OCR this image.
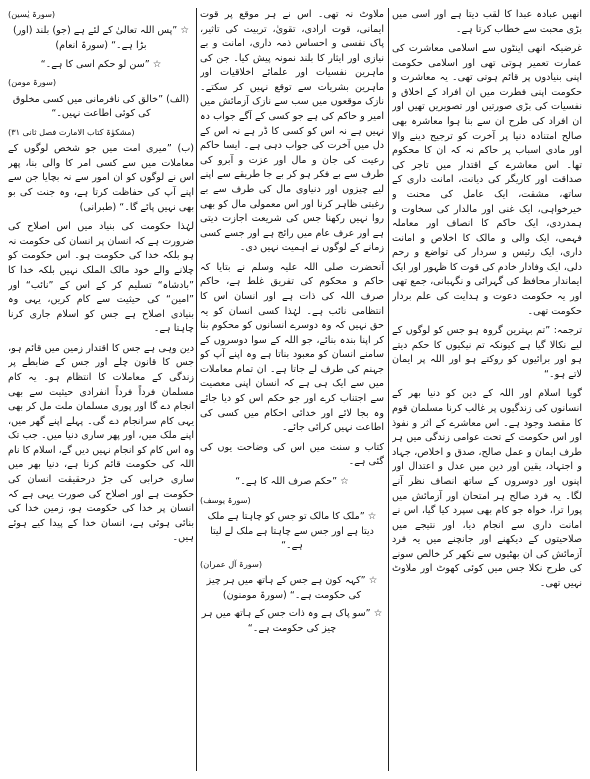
انھیں عبادہ عبدا کا لقب دیتا ہے اور اسی میں بڑی محبت سے خطاب کرتا ہے۔

غرضیکہ انھی اینٹوں سے اسلامی معاشرت کی عمارت تعمیر ہوتی تھی اور اسلامی حکومت اپنی بنیادوں پر قائم ہوتی تھی۔ یہ معاشرت و حکومت اپنی فطرت میں ان افراد کے اخلاق و نفسیات کی بڑی صورتیں اور تصویریں تھیں اور ان افراد کی طرح ان سے بنا ہوا معاشرہ بھی صالح امتنادہ دنیا پر آخرت کو ترجیح دینے والا اور مادی اسباب پر حاکم نہ کہ ان کا محکوم تھا۔ اس معاشرے کے اقتدار میں تاجر کی صداقت اور کاریگر کی دیانت، امانت داری کے ساتھ، مشقت، ایک عامل کی محنت و خیرخواہی، ایک غنی اور مالدار کی سخاوت و ہمدردی، ایک حاکم کا انصاف اور معاملہ فہمی، ایک والی و مالک کا اخلاص و امانت داری، ایک رئیس و سردار کی تواضع و رحم دلی، ایک وفادار خادم کی قوت کا ظہور اور ایک ایماندار محافظ کی گہرائی و نگہبانی، جمع تھی اور یہ حکومت دعوت و ہدایت کی علم بردار حکومت تھی۔

ترجمہ: ”تم بہترین گروہ ہو جس کو لوگوں کے لیے نکالا گیا ہے کیونکہ تم نیکیوں کا حکم دیتے ہو اور برائیوں کو روکتے ہو اور اللہ پر ایمان لاتے ہو۔“

گویا اسلام اور اللہ کے دین کو دنیا بھر کے انسانوں کی زندگیوں پر غالب کرنا مسلمان قوم کا مقصد وجود ہے۔ اس معاشرے کے اثر و نفوذ اور اس حکومت کے تحت عوامی زندگی میں ہر طرف ایمان و عمل صالح، صدق و اخلاص، جہاد و اجتہاد، یقین اور دین میں عدل و اعتدال اور اپنوں اور دوسروں کے ساتھ انصاف نظر آنے لگا۔ یہ فرد صالح ہر امتحان اور آزمائش میں پورا ترا، خواہ جو کام بھی سپرد کیا گیا، اس نے امانت داری سے انجام دیا، اور نتیجے میں صلاحیتوں کے دیکھنے اور جانچنے میں یہ فرد آزمائش کی ان بھٹیوں سے نکھر کر خالص سونے کی طرح نکلا جس میں کوئی کھوٹ اور ملاوٹ نہیں تھی۔

ملاوٹ نہ تھی۔ اس نے ہر موقع پر قوت ایمانی، قوت ارادی، تقویٰ، تربیت کی تاثیر، پاک نفسی و احساس ذمہ داری، امانت و بے نیازی اور ایثار کا بلند نمونہ پیش کیا۔ جن کی ماہرین نفسیات اور علمائے اخلاقیات اور ماہرین بشریات سے توقع نہیں کر سکتے۔ نازک موقعوں میں سب سے نازک آزمائش میں امیر و حاکم کی ہے جو کسی کے آگے جواب دہ نہیں ہے نہ اس کو کسی کا ڈر ہے نہ اس کے دل میں آخرت کی جواب دہی ہے۔ ایسا حاکم رعیت کی جان و مال اور عزت و آبرو کی طرف سے بے فکر ہو کر بے جا طریقے سے اپنے لیے چیزوں اور دنیاوی مال کی طرف سے بے رغبتی ظاہر کرنا اور اس معمولی مال کو بھی روا نہیں رکھنا جس کی شریعت اجازت دیتی ہے اور عرف عام میں رائج ہے اور جسے کسی زمانے کے لوگوں نے اہمیت نہیں دی۔

آنحضرت صلی اللہ علیہ وسلم نے بتایا کہ حاکم و محکوم کی تفریق غلط ہے، حاکم صرف اللہ کی ذات ہے اور انسان اس کا انتظامی نائب ہے۔ لہٰذا کسی انسان کو یہ حق نہیں کہ وہ دوسرے انسانوں کو محکوم بنا کر اپنا بندہ بنائے، جو اللہ کے سوا دوسروں کے سامنے انسان کو معبود بناتا ہے وہ اپنے آپ کو جہنم کی طرف لے جاتا ہے۔ ان تمام معاملات میں سے ایک ہی ہے کہ انسان اپنی معصیت سے اجتناب کرے اور جو حکم اس کو دیا جائے وہ بجا لائے اور خدائی احکام میں کسی کی اطاعت نہیں کرائی جائے۔

کتاب و سنت میں اس کی وضاحت یوں کی گئی ہے۔

☆ ”حکم صرف اللہ کا ہے۔“

(سورۃ یوسف)

☆ ”ملک کا مالک تو جس کو چاہتا ہے ملک دیتا ہے اور جس سے چاہتا ہے ملک لے لیتا ہے۔“

(سورۃ آل عمران)

☆ ”کہہ کون ہے جس کے ہاتھ میں ہر چیز کی حکومت ہے۔“ (سورۃ مومنون)

☆ ”سو پاک ہے وہ ذات جس کے ہاتھ میں ہر چیز کی حکومت ہے۔“

(سورۃ یٰسین)

☆ ”پس اللہ تعالیٰ کے لئے ہے (جو) بلند (اور) بڑا ہے۔“ (سورۃ انعام)

☆ ”سن لو حکم اسی کا ہے۔“

(سورۃ مومن)

(الف) ”خالق کی نافرمانی میں کسی مخلوق کی کوئی اطاعت نہیں۔“

(مشکوٰۃ کتاب الامارت فصل ثانی ۳۱)

(ب) ”میری امت میں جو شخص لوگوں کے معاملات میں سے کسی امر کا والی بنا، پھر اس نے لوگوں کو ان امور سے نہ بچایا جن سے اپنے آپ کی حفاظت کرتا ہے، وہ جنت کی بو بھی نہیں پائے گا۔“ (طبرانی)

لہٰذا حکومت کی بنیاد میں اس اصلاح کی ضرورت ہے کہ انسان پر انسان کی حکومت نہ ہو بلکہ خدا کی حکومت ہو۔ اس حکومت کو چلانے والے خود مالک الملک نہیں بلکہ خدا کا ”بادشاہ“ تسلیم کر کے اس کے ”نائب“ اور ”امین“ کی حیثیت سے کام کریں، یہی وہ بنیادی اصلاح ہے جس کو اسلام جاری کرنا چاہتا ہے۔

دین وہی ہے جس کا اقتدار زمین میں قائم ہو، جس کا قانون چلے اور جس کے ضابطے پر زندگی کے معاملات کا انتظام ہو۔ یہ کام مسلمان فرداً فرداً انفرادی حیثیت سے بھی انجام دے گا اور پوری مسلمان ملت مل کر بھی یہی کام سرانجام دے گی۔ پہلے اپنے گھر میں، اپنے ملک میں، اور پھر ساری دنیا میں۔ جب تک وہ اس کام کو انجام نہیں دیں گے، اسلام کا نام اللہ کی حکومت قائم کرنا ہے، دنیا بھر میں ساری خرابی کی جڑ درحقیقت انسان کی حکومت ہے اور اصلاح کی صورت یہی ہے کہ انسان پر خدا کی حکومت ہو، زمین خدا کی بنائی ہوئی ہے، انسان خدا کے پیدا کیے ہوئے ہیں۔
